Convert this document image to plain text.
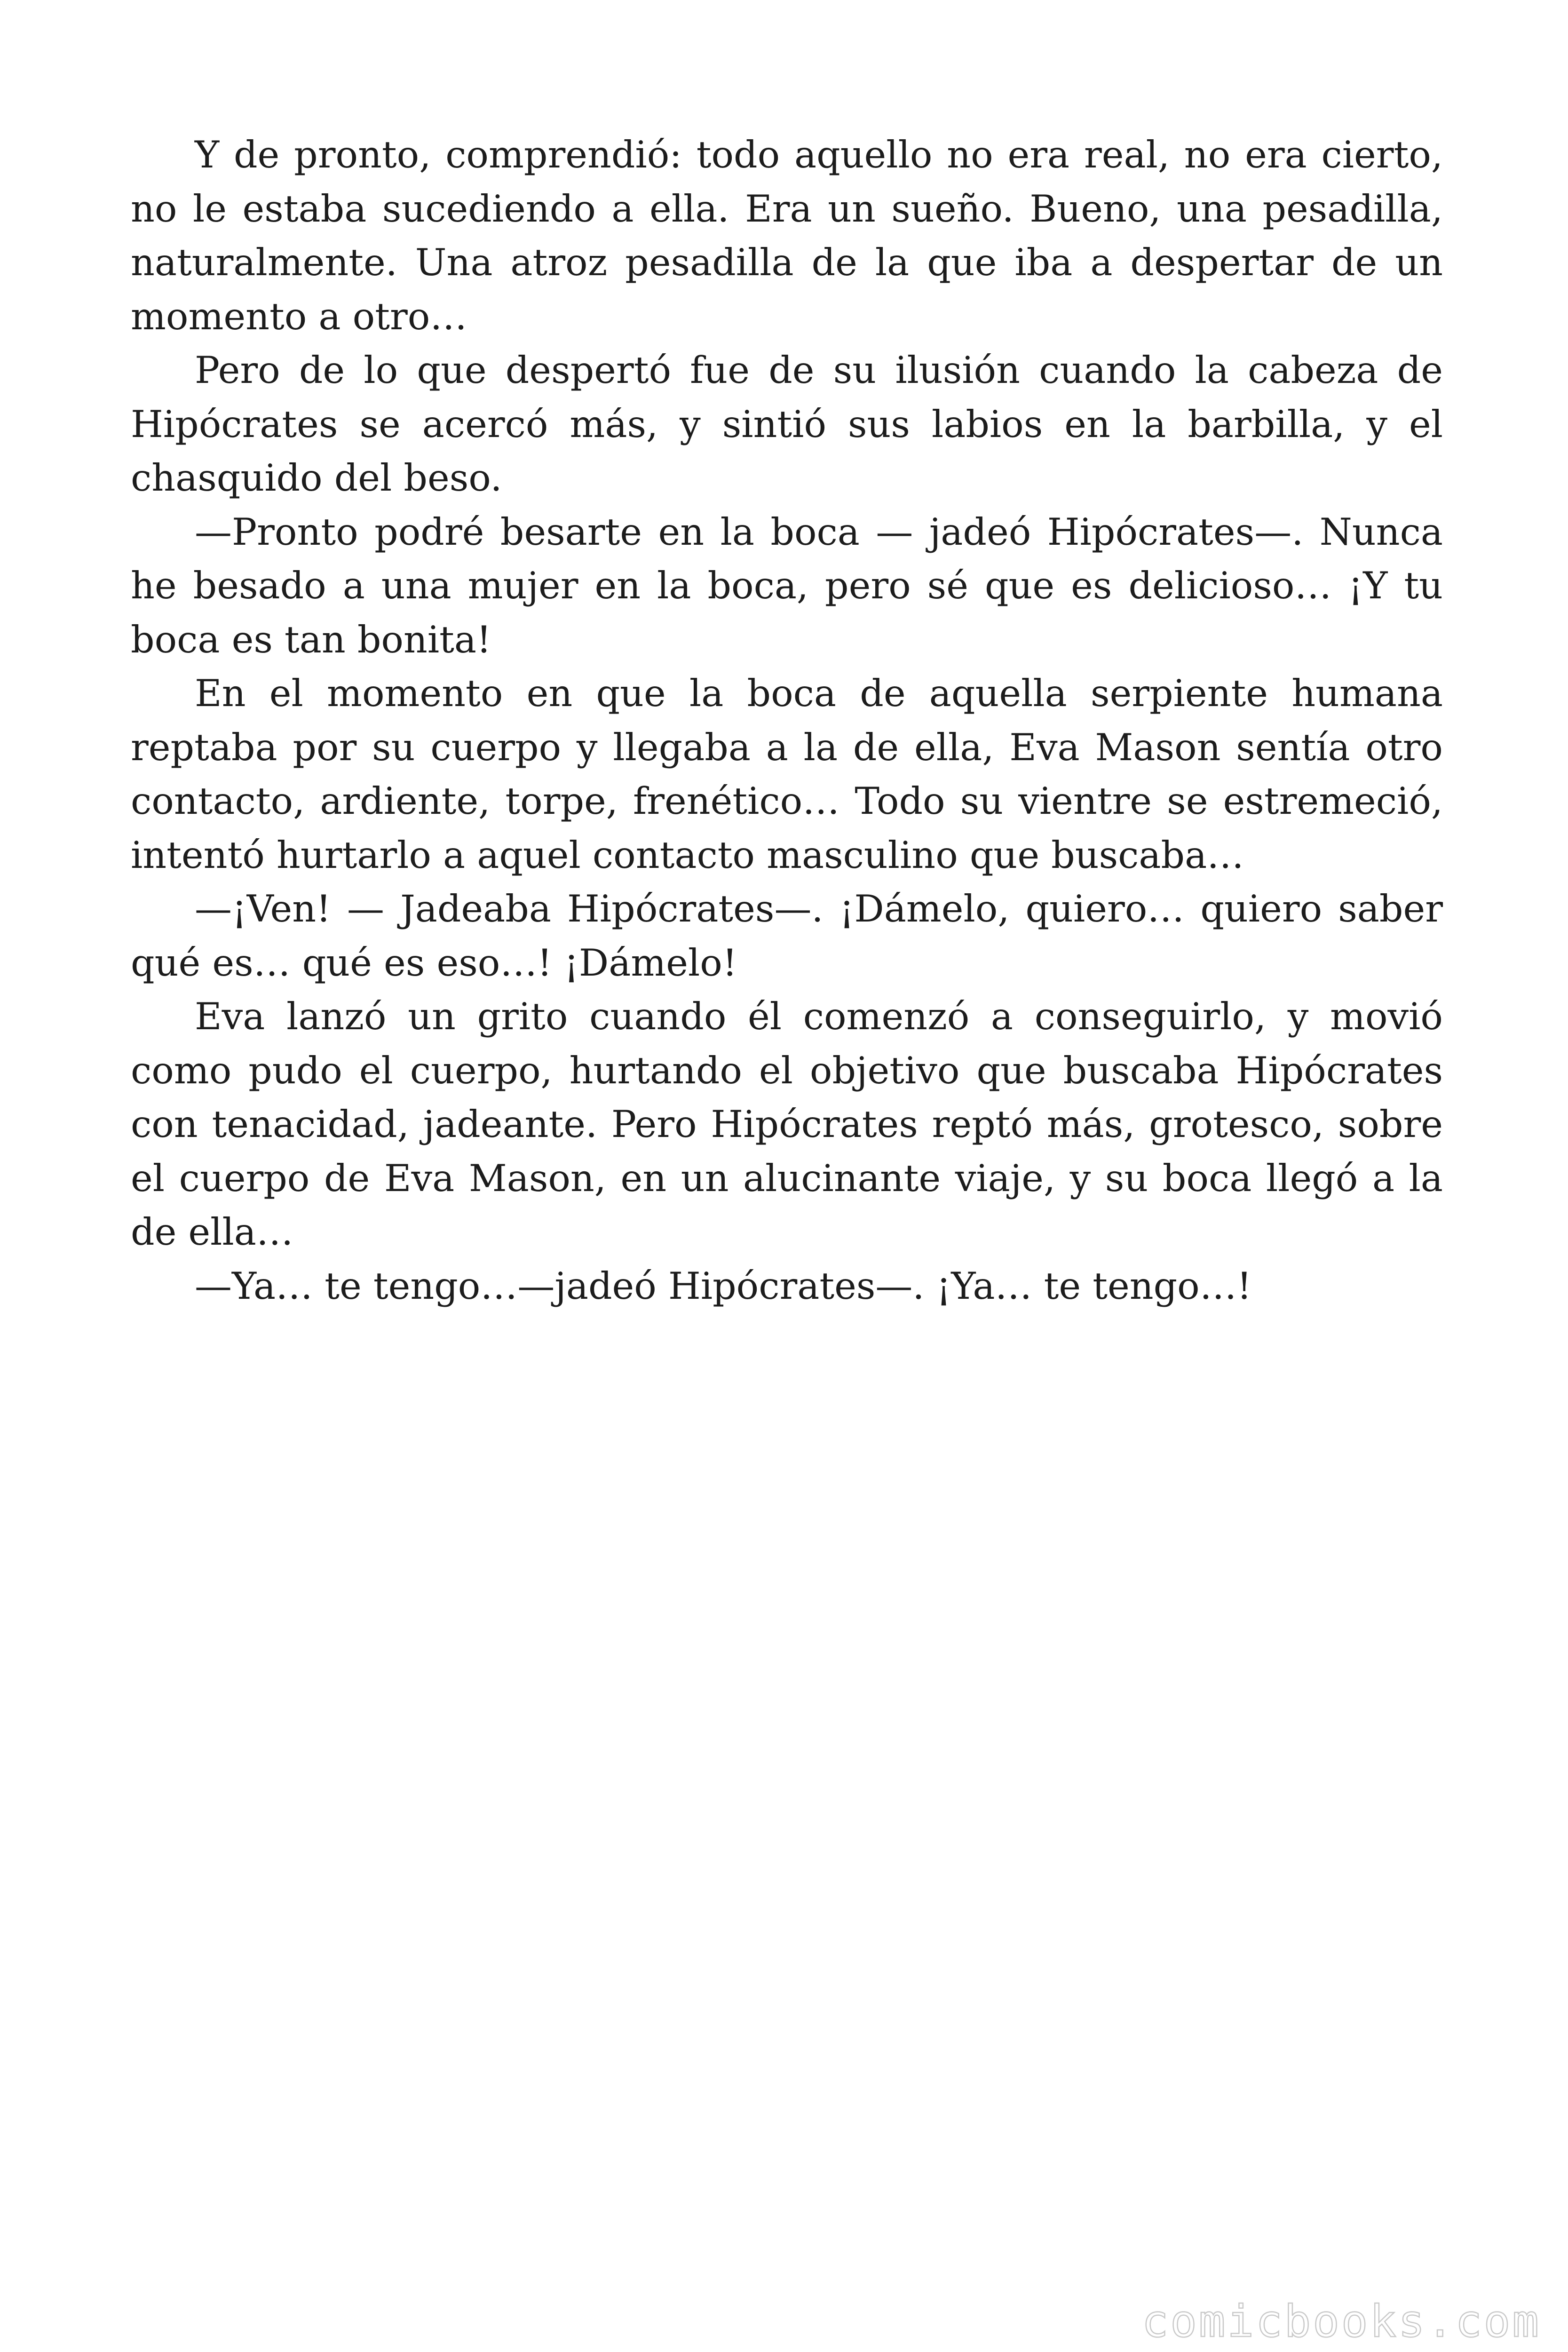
Y de pronto, comprendió: todo aquello no era real, no era cierto, no le estaba sucediendo a ella. Era un sueño. Bueno, una pesadilla, naturalmente. Una atroz pesadilla de la que iba a despertar de un momento a otro…

Pero de lo que despertó fue de su ilusión cuando la cabeza de Hipócrates se acercó más, y sintió sus labios en la barbilla, y el chasquido del beso.

—Pronto podré besarte en la boca — jadeó Hipócrates—. Nunca he besado a una mujer en la boca, pero sé que es delicioso… ¡Y tu boca es tan bonita!

En el momento en que la boca de aquella serpiente humana reptaba por su cuerpo y llegaba a la de ella, Eva Mason sentía otro contacto, ardiente, torpe, frenético… Todo su vientre se estremeció, intentó hurtarlo a aquel contacto masculino que buscaba…

—¡Ven! — Jadeaba Hipócrates—. ¡Dámelo, quiero… quiero saber qué es… qué es eso…! ¡Dámelo!

Eva lanzó un grito cuando él comenzó a conseguirlo, y movió como pudo el cuerpo, hurtando el objetivo que buscaba Hipócrates con tenacidad, jadeante. Pero Hipócrates reptó más, grotesco, sobre el cuerpo de Eva Mason, en un alucinante viaje, y su boca llegó a la de ella…

—Ya… te tengo…—jadeó Hipócrates—. ¡Ya… te tengo…!

comicbooks.com
